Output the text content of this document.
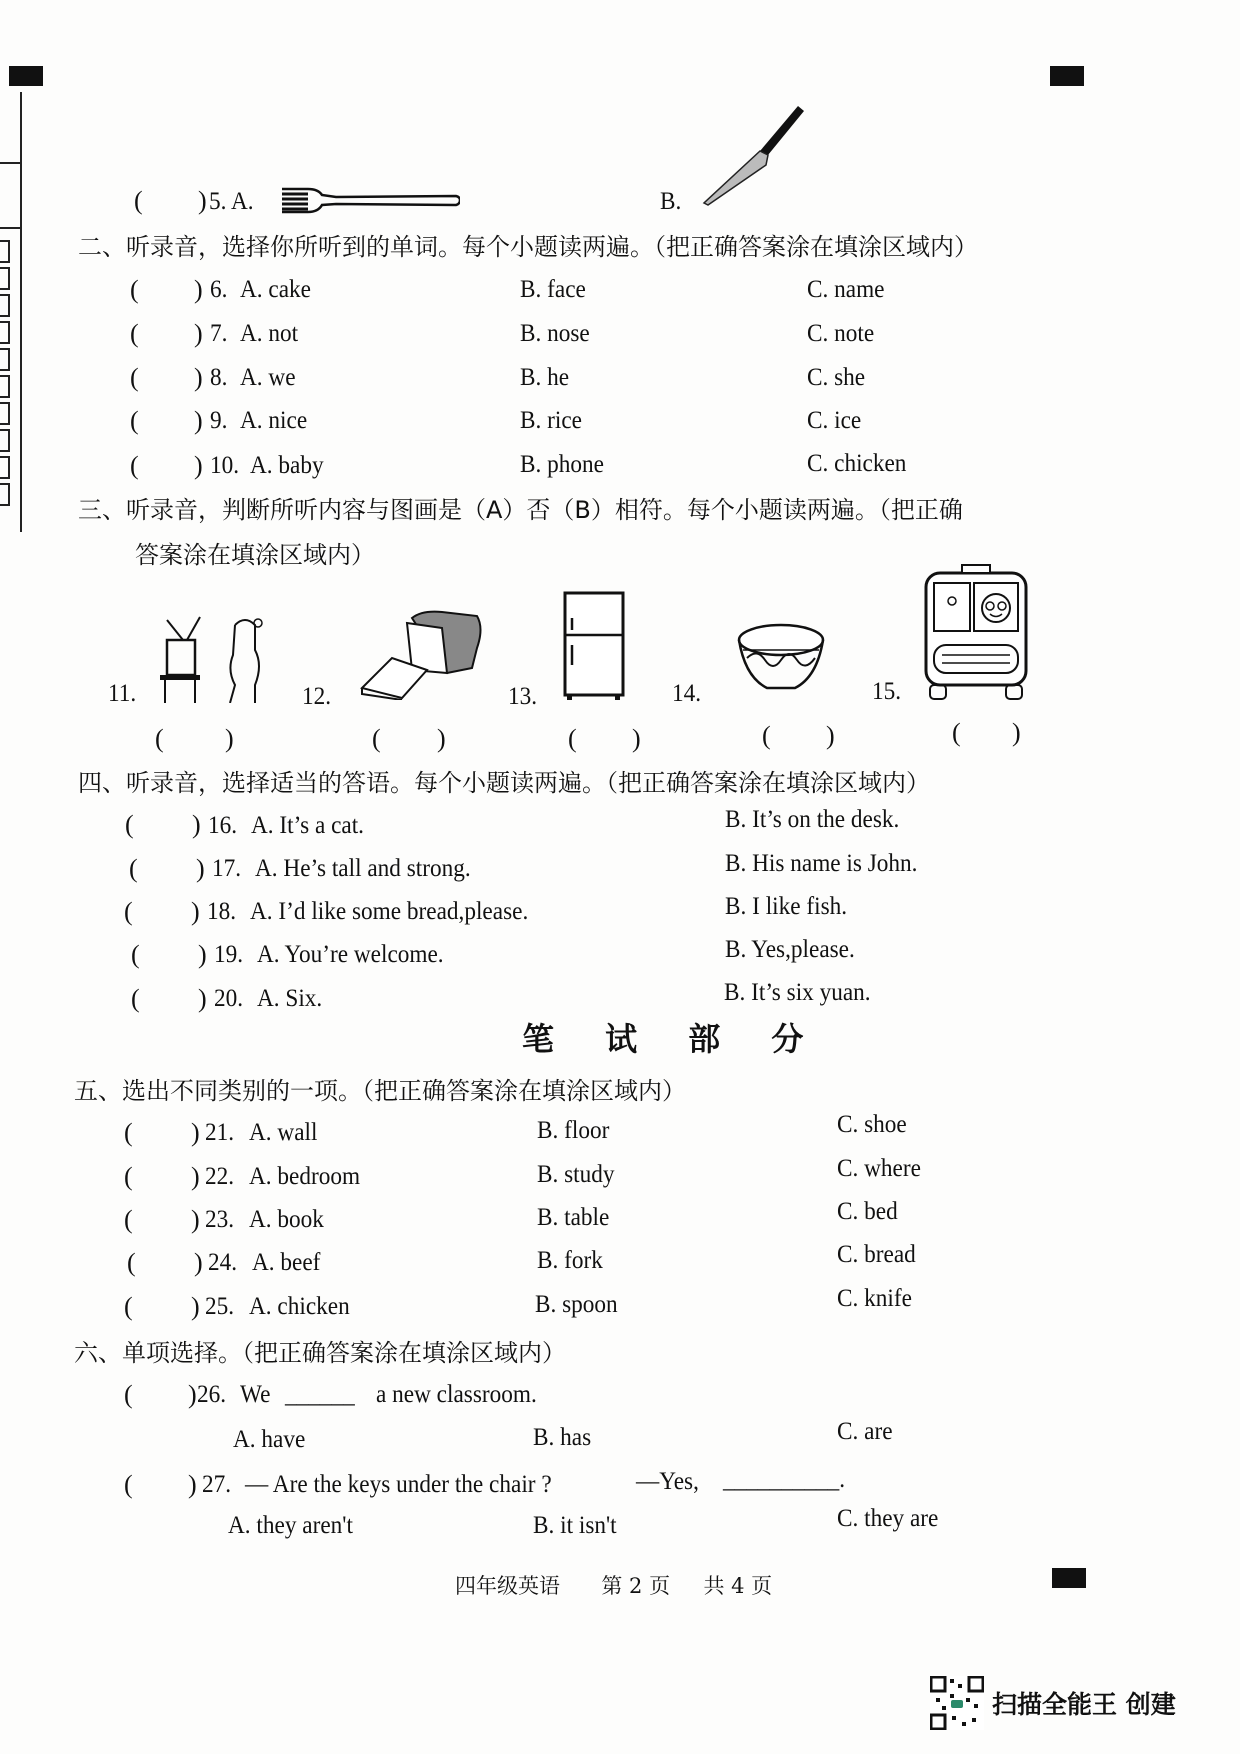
( ) 5. A.	B.
二、听录音，选择你所听到的单词。每个小题读两遍。（把正确答案涂在填涂区域内）
( ) 6. A. cake	B. face	C. name
( ) 7. A. not	B. nose	C. note
( ) 8. A. we	B. he	C. she
( ) 9. A. nice	B. rice	C. ice
( ) 10. A. baby	B. phone	C. chicken
三、听录音，判断所听内容与图画是（A）否（B）相符。每个小题读两遍。（把正确
答案涂在填涂区域内）
11.	12.	13.	14.	15.
( )	( )	( )	( )	( )
四、听录音，选择适当的答语。每个小题读两遍。（把正确答案涂在填涂区域内）
( ) 16. A. It’s a cat.	B. It’s on the desk.
( ) 17. A. He’s tall and strong.	B. His name is John.
( ) 18. A. I’d like some bread,please.	B. I like fish.
( ) 19. A. You’re welcome.	B. Yes,please.
( ) 20. A. Six.	B. It’s six yuan.
笔 试 部 分
五、选出不同类别的一项。（把正确答案涂在填涂区域内）
( ) 21. A. wall	B. floor	C. shoe
( ) 22. A. bedroom	B. study	C. where
( ) 23. A. book	B. table	C. bed
( ) 24. A. beef	B. fork	C. bread
( ) 25. A. chicken	B. spoon	C. knife
六、单项选择。（把正确答案涂在填涂区域内）
( ) 26. We ______ a new classroom.
A. have	B. has	C. are
( ) 27. — Are the keys under the chair ?	—Yes, __________.
A. they aren't	B. it isn't	C. they are
四年级英语 第 2 页 共 4 页
扫描全能王 创建
